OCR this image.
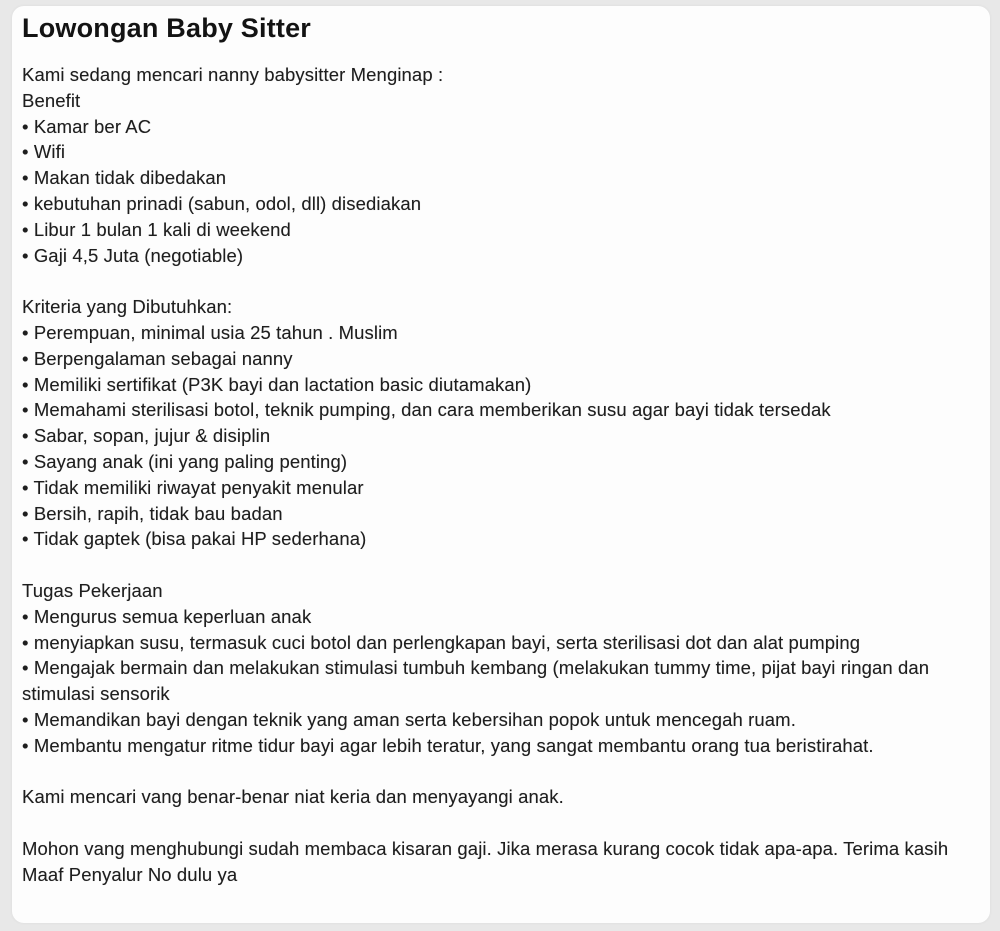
Lowongan Baby Sitter
Kami sedang mencari nanny babysitter Menginap :
Benefit
• Kamar ber AC
• Wifi
• Makan tidak dibedakan
• kebutuhan prinadi (sabun, odol, dll) disediakan
• Libur 1 bulan 1 kali di weekend
• Gaji 4,5 Juta (negotiable)
Kriteria yang Dibutuhkan:
• Perempuan, minimal usia 25 tahun . Muslim
• Berpengalaman sebagai nanny
• Memiliki sertifikat (P3K bayi dan lactation basic diutamakan)
• Memahami sterilisasi botol, teknik pumping, dan cara memberikan susu agar bayi tidak tersedak
• Sabar, sopan, jujur & disiplin
• Sayang anak (ini yang paling penting)
• Tidak memiliki riwayat penyakit menular
• Bersih, rapih, tidak bau badan
• Tidak gaptek (bisa pakai HP sederhana)
Tugas Pekerjaan
• Mengurus semua keperluan anak
• menyiapkan susu, termasuk cuci botol dan perlengkapan bayi, serta sterilisasi dot dan alat pumping
• Mengajak bermain dan melakukan stimulasi tumbuh kembang (melakukan tummy time, pijat bayi ringan dan stimulasi sensorik
• Memandikan bayi dengan teknik yang aman serta kebersihan popok untuk mencegah ruam.
• Membantu mengatur ritme tidur bayi agar lebih teratur, yang sangat membantu orang tua beristirahat.
Kami mencari vang benar-benar niat keria dan menyayangi anak.
Mohon vang menghubungi sudah membaca kisaran gaji. Jika merasa kurang cocok tidak apa-apa. Terima kasih
Maaf Penyalur No dulu ya
